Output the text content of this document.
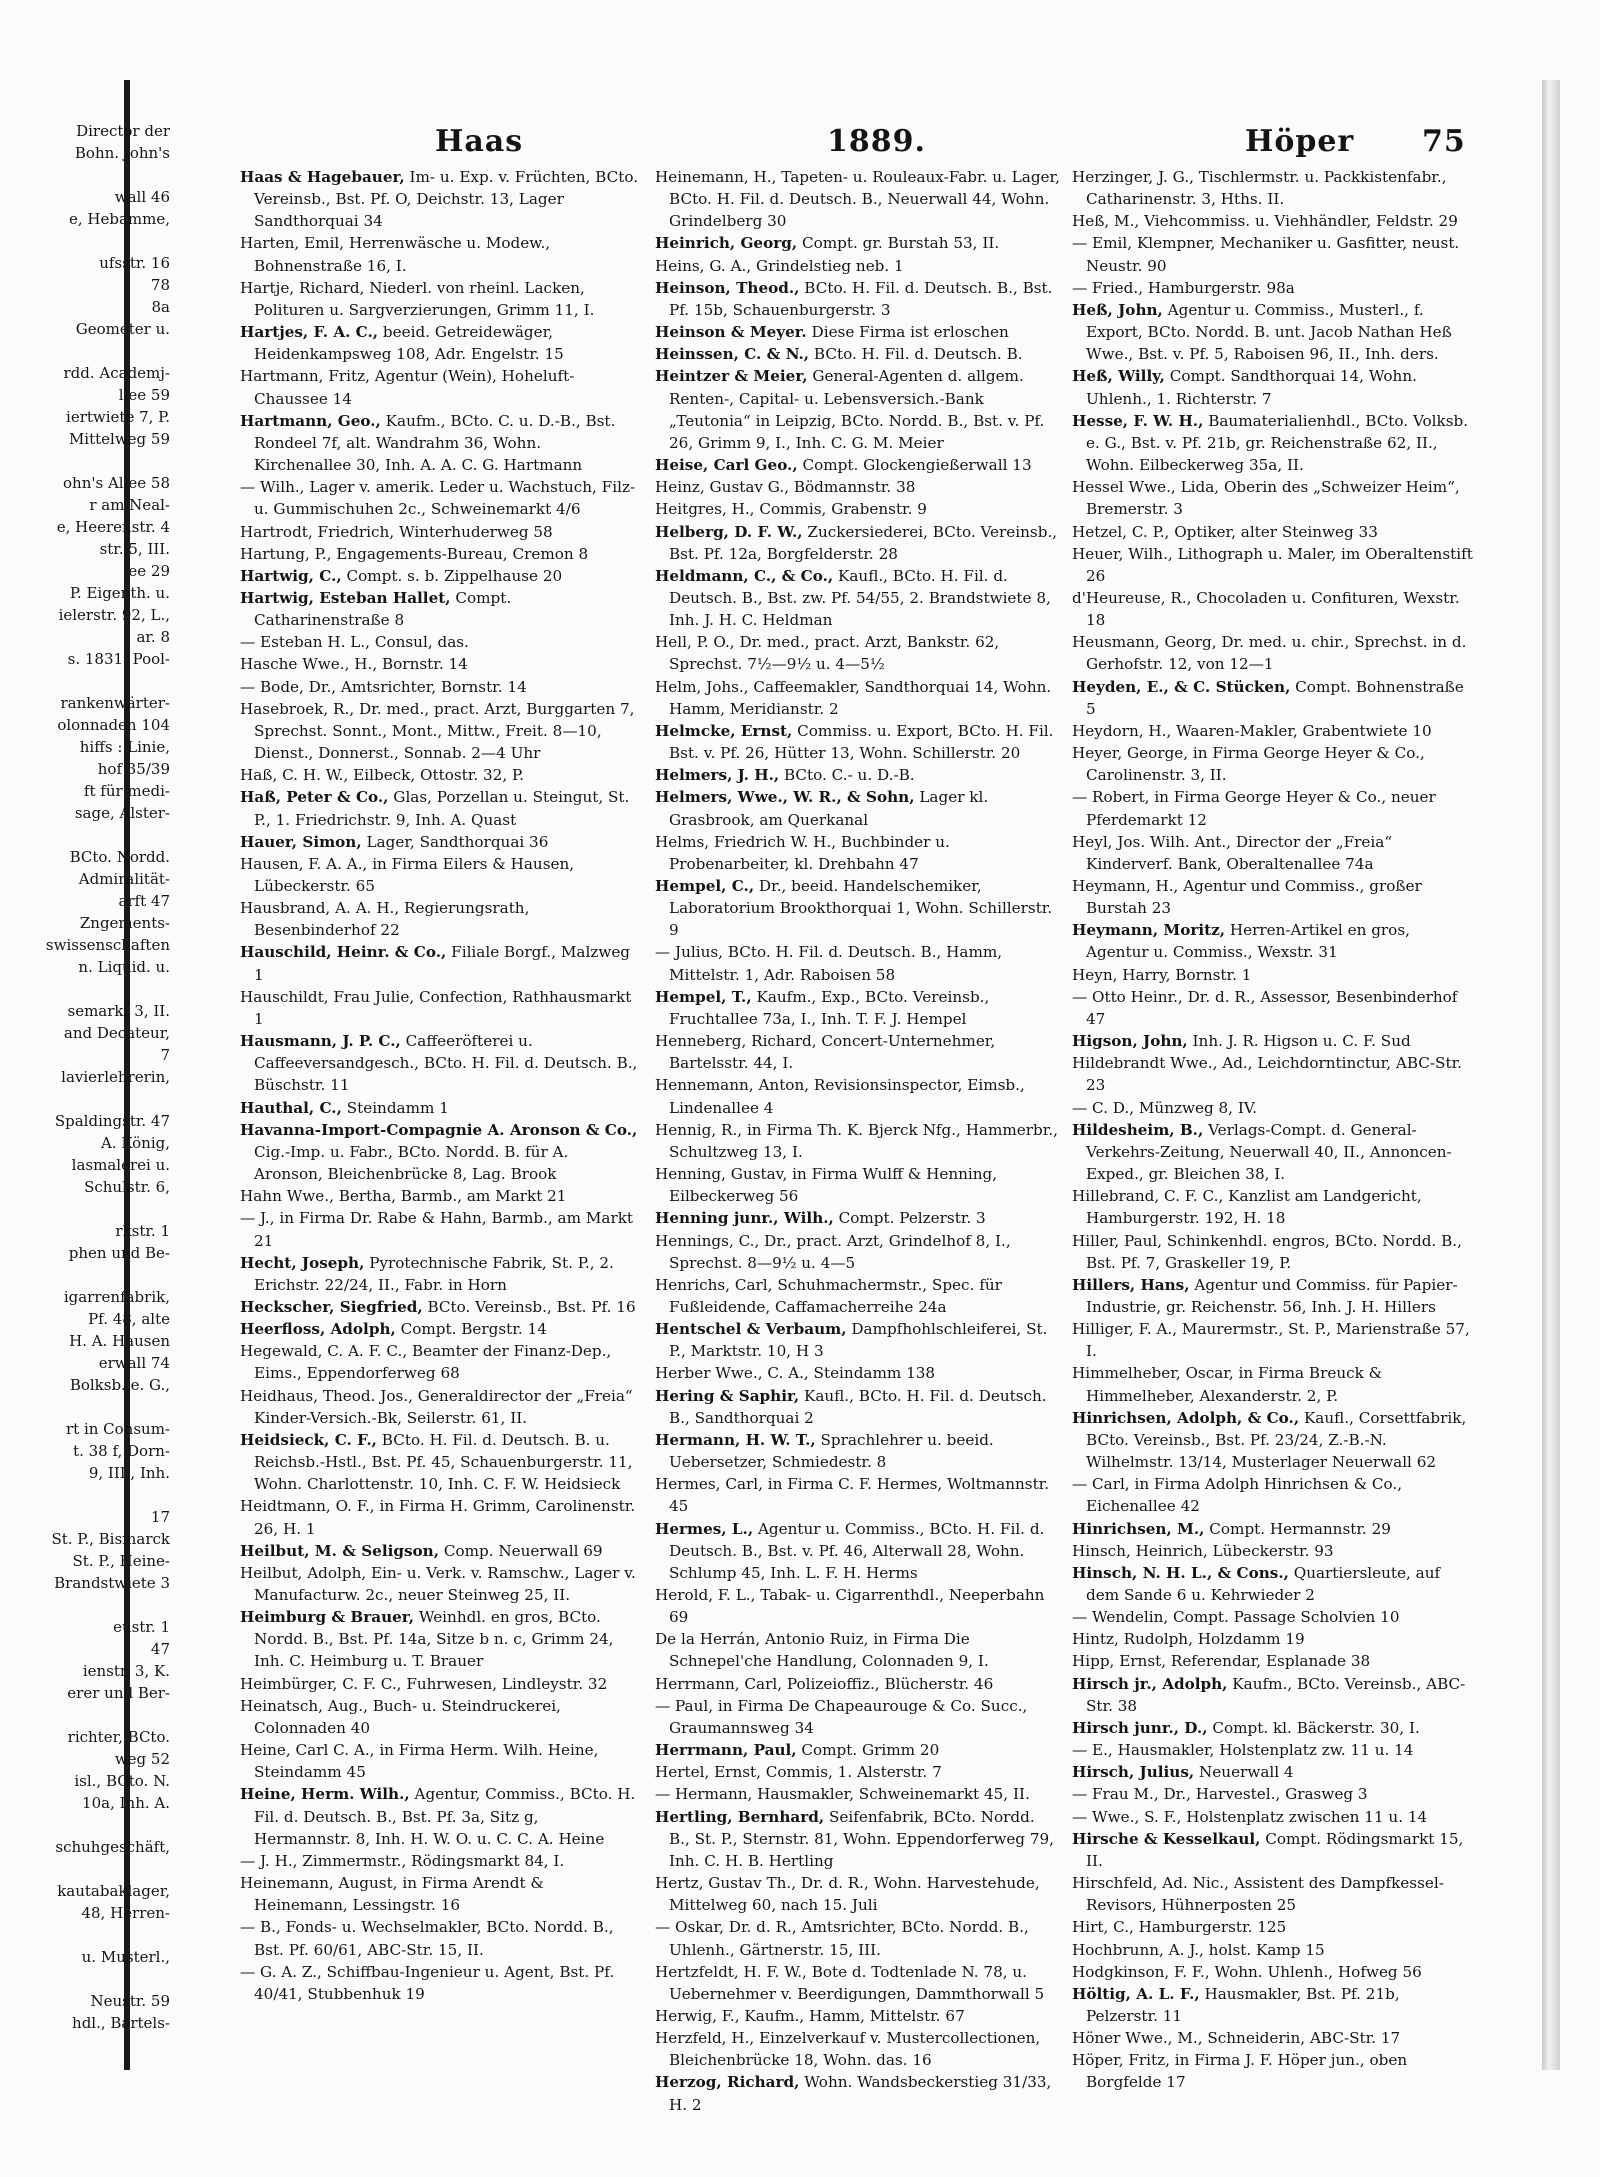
Director der
Bohn. John's
wall 46
e, Hebamme,
ufsstr. 16
78
8a
Geometer u.
rdd. Academj-
llee 59
iertwiete 7, P.
Mittelweg 59
ohn's Allee 58
r am Neal-
e, Heerenstr. 4
str. 5, III.
ee 29
P. Eigenth. u.
ielerstr. 92, L.,
ar. 8
s. 1831. Pool-
rankenwärter-
olonnaden 104
hiffs : Linie,
hof 35/39
ft für medi-
sage, Alster-
BCto. Nordd.
Admiralität-
arft 47
Zngements-
swissenschaften
n. Liquid. u.
semarkt 3, II.
and Decateur,
7
lavierlehrerin,
Spaldingstr. 47
A. König,
lasmalerei u.
Schulstr. 6,
rkstr. 1
phen und Be-
igarrenfabrik,
Pf. 48, alte
H. A. Hausen
erwall 74
Bolksb. e. G.,
rt in Consum-
t. 38 f, Dorn-
9, III., Inh.
17
St. P., Bismarck
St. P., Heine-
Brandstwiete 3
eustr. 1
47
ienstr. 3, K.
erer und Ber-
richter, BCto.
weg 52
isl., BCto. N.
10a, Inh. A.
schuhgeschäft,
kautabaklager,
48, Herren-
u. Musterl.,
Neustr. 59
hdl., Bartels-
Haas	1889.	Höper 75
Haas & Hagebauer, Im- u. Exp. v. Früchten, BCto. Vereinsb., Bst. Pf. O, Deichstr. 13, Lager Sandthorquai 34
Harten, Emil, Herrenwäsche u. Modew., Bohnenstraße 16, I.
Hartje, Richard, Niederl. von rheinl. Lacken, Polituren u. Sargverzierungen, Grimm 11, I.
Hartjes, F. A. C., beeid. Getreidewäger, Heidenkampsweg 108, Adr. Engelstr. 15
Hartmann, Fritz, Agentur (Wein), Hoheluft-Chaussee 14
Hartmann, Geo., Kaufm., BCto. C. u. D.-B., Bst. Rondeel 7f, alt. Wandrahm 36, Wohn. Kirchenallee 30, Inh. A. A. C. G. Hartmann
— Wilh., Lager v. amerik. Leder u. Wachstuch, Filz-u. Gummischuhen 2c., Schweinemarkt 4/6
Hartrodt, Friedrich, Winterhuderweg 58
Hartung, P., Engagements-Bureau, Cremon 8
Hartwig, C., Compt. s. b. Zippelhause 20
Hartwig, Esteban Hallet, Compt. Catharinenstraße 8
— Esteban H. L., Consul, das.
Hasche Wwe., H., Bornstr. 14
— Bode, Dr., Amtsrichter, Bornstr. 14
Hasebroek, R., Dr. med., pract. Arzt, Burggarten 7, Sprechst. Sonnt., Mont., Mittw., Freit. 8—10, Dienst., Donnerst., Sonnab. 2—4 Uhr
Haß, C. H. W., Eilbeck, Ottostr. 32, P.
Haß, Peter & Co., Glas, Porzellan u. Steingut, St. P., 1. Friedrichstr. 9, Inh. A. Quast
Hauer, Simon, Lager, Sandthorquai 36
Hausen, F. A. A., in Firma Eilers & Hausen, Lübeckerstr. 65
Hausbrand, A. A. H., Regierungsrath, Besenbinderhof 22
Hauschild, Heinr. & Co., Filiale Borgf., Malzweg 1
Hauschildt, Frau Julie, Confection, Rathhausmarkt 1
Hausmann, J. P. C., Caffeeröfterei u. Caffeeversandgesch., BCto. H. Fil. d. Deutsch. B., Büschstr. 11
Hauthal, C., Steindamm 1
Havanna-Import-Compagnie A. Aronson & Co., Cig.-Imp. u. Fabr., BCto. Nordd. B. für A. Aronson, Bleichenbrücke 8, Lag. Brook
Hahn Wwe., Bertha, Barmb., am Markt 21
— J., in Firma Dr. Rabe & Hahn, Barmb., am Markt 21
Hecht, Joseph, Pyrotechnische Fabrik, St. P., 2. Erichstr. 22/24, II., Fabr. in Horn
Heckscher, Siegfried, BCto. Vereinsb., Bst. Pf. 16
Heerfloss, Adolph, Compt. Bergstr. 14
Hegewald, C. A. F. C., Beamter der Finanz-Dep., Eims., Eppendorferweg 68
Heidhaus, Theod. Jos., Generaldirector der „Freia“ Kinder-Versich.-Bk, Seilerstr. 61, II.
Heidsieck, C. F., BCto. H. Fil. d. Deutsch. B. u. Reichsb.-Hstl., Bst. Pf. 45, Schauenburgerstr. 11, Wohn. Charlottenstr. 10, Inh. C. F. W. Heidsieck
Heidtmann, O. F., in Firma H. Grimm, Carolinenstr. 26, H. 1
Heilbut, M. & Seligson, Comp. Neuerwall 69
Heilbut, Adolph, Ein- u. Verk. v. Ramschw., Lager v. Manufacturw. 2c., neuer Steinweg 25, II.
Heimburg & Brauer, Weinhdl. en gros, BCto. Nordd. B., Bst. Pf. 14a, Sitze b n. c, Grimm 24, Inh. C. Heimburg u. T. Brauer
Heimbürger, C. F. C., Fuhrwesen, Lindleystr. 32
Heinatsch, Aug., Buch- u. Steindruckerei, Colonnaden 40
Heine, Carl C. A., in Firma Herm. Wilh. Heine, Steindamm 45
Heine, Herm. Wilh., Agentur, Commiss., BCto. H. Fil. d. Deutsch. B., Bst. Pf. 3a, Sitz g, Hermannstr. 8, Inh. H. W. O. u. C. C. A. Heine
— J. H., Zimmermstr., Rödingsmarkt 84, I.
Heinemann, August, in Firma Arendt & Heinemann, Lessingstr. 16
— B., Fonds- u. Wechselmakler, BCto. Nordd. B., Bst. Pf. 60/61, ABC-Str. 15, II.
— G. A. Z., Schiffbau-Ingenieur u. Agent, Bst. Pf. 40/41, Stubbenhuk 19
Heinemann, H., Tapeten- u. Rouleaux-Fabr. u. Lager, BCto. H. Fil. d. Deutsch. B., Neuerwall 44, Wohn. Grindelberg 30
Heinrich, Georg, Compt. gr. Burstah 53, II.
Heins, G. A., Grindelstieg neb. 1
Heinson, Theod., BCto. H. Fil. d. Deutsch. B., Bst. Pf. 15b, Schauenburgerstr. 3
Heinson & Meyer. Diese Firma ist erloschen
Heinssen, C. & N., BCto. H. Fil. d. Deutsch. B.
Heintzer & Meier, General-Agenten d. allgem. Renten-, Capital- u. Lebensversich.-Bank „Teutonia“ in Leipzig, BCto. Nordd. B., Bst. v. Pf. 26, Grimm 9, I., Inh. C. G. M. Meier
Heise, Carl Geo., Compt. Glockengießerwall 13
Heinz, Gustav G., Bödmannstr. 38
Heitgres, H., Commis, Grabenstr. 9
Helberg, D. F. W., Zuckersiederei, BCto. Vereinsb., Bst. Pf. 12a, Borgfelderstr. 28
Heldmann, C., & Co., Kaufl., BCto. H. Fil. d. Deutsch. B., Bst. zw. Pf. 54/55, 2. Brandstwiete 8, Inh. J. H. C. Heldman
Hell, P. O., Dr. med., pract. Arzt, Bankstr. 62, Sprechst. 7½—9½ u. 4—5½
Helm, Johs., Caffeemakler, Sandthorquai 14, Wohn. Hamm, Meridianstr. 2
Helmcke, Ernst, Commiss. u. Export, BCto. H. Fil. Bst. v. Pf. 26, Hütter 13, Wohn. Schillerstr. 20
Helmers, J. H., BCto. C.- u. D.-B.
Helmers, Wwe., W. R., & Sohn, Lager kl. Grasbrook, am Querkanal
Helms, Friedrich W. H., Buchbinder u. Probenarbeiter, kl. Drehbahn 47
Hempel, C., Dr., beeid. Handelschemiker, Laboratorium Brookthorquai 1, Wohn. Schillerstr. 9
— Julius, BCto. H. Fil. d. Deutsch. B., Hamm, Mittelstr. 1, Adr. Raboisen 58
Hempel, T., Kaufm., Exp., BCto. Vereinsb., Fruchtallee 73a, I., Inh. T. F. J. Hempel
Henneberg, Richard, Concert-Unternehmer, Bartelsstr. 44, I.
Hennemann, Anton, Revisionsinspector, Eimsb., Lindenallee 4
Hennig, R., in Firma Th. K. Bjerck Nfg., Hammerbr., Schultzweg 13, I.
Henning, Gustav, in Firma Wulff & Henning, Eilbeckerweg 56
Henning junr., Wilh., Compt. Pelzerstr. 3
Hennings, C., Dr., pract. Arzt, Grindelhof 8, I., Sprechst. 8—9½ u. 4—5
Henrichs, Carl, Schuhmachermstr., Spec. für Fußleidende, Caffamacherreihe 24a
Hentschel & Verbaum, Dampfhohlschleiferei, St. P., Marktstr. 10, H 3
Herber Wwe., C. A., Steindamm 138
Hering & Saphir, Kaufl., BCto. H. Fil. d. Deutsch. B., Sandthorquai 2
Hermann, H. W. T., Sprachlehrer u. beeid. Uebersetzer, Schmiedestr. 8
Hermes, Carl, in Firma C. F. Hermes, Woltmannstr. 45
Hermes, L., Agentur u. Commiss., BCto. H. Fil. d. Deutsch. B., Bst. v. Pf. 46, Alterwall 28, Wohn. Schlump 45, Inh. L. F. H. Herms
Herold, F. L., Tabak- u. Cigarrenthdl., Neeperbahn 69
De la Herrán, Antonio Ruiz, in Firma Die Schnepel'che Handlung, Colonnaden 9, I.
Herrmann, Carl, Polizeioffiz., Blücherstr. 46
— Paul, in Firma De Chapeaurouge & Co. Succ., Graumannsweg 34
Herrmann, Paul, Compt. Grimm 20
Hertel, Ernst, Commis, 1. Alsterstr. 7
— Hermann, Hausmakler, Schweinemarkt 45, II.
Hertling, Bernhard, Seifenfabrik, BCto. Nordd. B., St. P., Sternstr. 81, Wohn. Eppendorferweg 79, Inh. C. H. B. Hertling
Hertz, Gustav Th., Dr. d. R., Wohn. Harvestehude, Mittelweg 60, nach 15. Juli
— Oskar, Dr. d. R., Amtsrichter, BCto. Nordd. B., Uhlenh., Gärtnerstr. 15, III.
Hertzfeldt, H. F. W., Bote d. Todtenlade N. 78, u. Uebernehmer v. Beerdigungen, Dammthorwall 5
Herwig, F., Kaufm., Hamm, Mittelstr. 67
Herzfeld, H., Einzelverkauf v. Mustercollectionen, Bleichenbrücke 18, Wohn. das. 16
Herzog, Richard, Wohn. Wandsbeckerstieg 31/33, H. 2
Herzinger, J. G., Tischlermstr. u. Packkistenfabr., Catharinenstr. 3, Hths. II.
Heß, M., Viehcommiss. u. Viehhändler, Feldstr. 29
— Emil, Klempner, Mechaniker u. Gasfitter, neust. Neustr. 90
— Fried., Hamburgerstr. 98a
Heß, John, Agentur u. Commiss., Musterl., f. Export, BCto. Nordd. B. unt. Jacob Nathan Heß Wwe., Bst. v. Pf. 5, Raboisen 96, II., Inh. ders.
Heß, Willy, Compt. Sandthorquai 14, Wohn. Uhlenh., 1. Richterstr. 7
Hesse, F. W. H., Baumaterialienhdl., BCto. Volksb. e. G., Bst. v. Pf. 21b, gr. Reichenstraße 62, II., Wohn. Eilbeckerweg 35a, II.
Hessel Wwe., Lida, Oberin des „Schweizer Heim“, Bremerstr. 3
Hetzel, C. P., Optiker, alter Steinweg 33
Heuer, Wilh., Lithograph u. Maler, im Oberaltenstift 26
d'Heureuse, R., Chocoladen u. Confituren, Wexstr. 18
Heusmann, Georg, Dr. med. u. chir., Sprechst. in d. Gerhofstr. 12, von 12—1
Heyden, E., & C. Stücken, Compt. Bohnenstraße 5
Heydorn, H., Waaren-Makler, Grabentwiete 10
Heyer, George, in Firma George Heyer & Co., Carolinenstr. 3, II.
— Robert, in Firma George Heyer & Co., neuer Pferdemarkt 12
Heyl, Jos. Wilh. Ant., Director der „Freia“ Kinderverf. Bank, Oberaltenallee 74a
Heymann, H., Agentur und Commiss., großer Burstah 23
Heymann, Moritz, Herren-Artikel en gros, Agentur u. Commiss., Wexstr. 31
Heyn, Harry, Bornstr. 1
— Otto Heinr., Dr. d. R., Assessor, Besenbinderhof 47
Higson, John, Inh. J. R. Higson u. C. F. Sud
Hildebrandt Wwe., Ad., Leichdorntinctur, ABC-Str. 23
— C. D., Münzweg 8, IV.
Hildesheim, B., Verlags-Compt. d. General-Verkehrs-Zeitung, Neuerwall 40, II., Annoncen-Exped., gr. Bleichen 38, I.
Hillebrand, C. F. C., Kanzlist am Landgericht, Hamburgerstr. 192, H. 18
Hiller, Paul, Schinkenhdl. engros, BCto. Nordd. B., Bst. Pf. 7, Graskeller 19, P.
Hillers, Hans, Agentur und Commiss. für Papier-Industrie, gr. Reichenstr. 56, Inh. J. H. Hillers
Hilliger, F. A., Maurermstr., St. P., Marienstraße 57, I.
Himmelheber, Oscar, in Firma Breuck & Himmelheber, Alexanderstr. 2, P.
Hinrichsen, Adolph, & Co., Kaufl., Corsettfabrik, BCto. Vereinsb., Bst. Pf. 23/24, Z.-B.-N. Wilhelmstr. 13/14, Musterlager Neuerwall 62
— Carl, in Firma Adolph Hinrichsen & Co., Eichenallee 42
Hinrichsen, M., Compt. Hermannstr. 29
Hinsch, Heinrich, Lübeckerstr. 93
Hinsch, N. H. L., & Cons., Quartiersleute, auf dem Sande 6 u. Kehrwieder 2
— Wendelin, Compt. Passage Scholvien 10
Hintz, Rudolph, Holzdamm 19
Hipp, Ernst, Referendar, Esplanade 38
Hirsch jr., Adolph, Kaufm., BCto. Vereinsb., ABC-Str. 38
Hirsch junr., D., Compt. kl. Bäckerstr. 30, I.
— E., Hausmakler, Holstenplatz zw. 11 u. 14
Hirsch, Julius, Neuerwall 4
— Frau M., Dr., Harvestel., Grasweg 3
— Wwe., S. F., Holstenplatz zwischen 11 u. 14
Hirsche & Kesselkaul, Compt. Rödingsmarkt 15, II.
Hirschfeld, Ad. Nic., Assistent des Dampfkessel-Revisors, Hühnerposten 25
Hirt, C., Hamburgerstr. 125
Hochbrunn, A. J., holst. Kamp 15
Hodgkinson, F. F., Wohn. Uhlenh., Hofweg 56
Höltig, A. L. F., Hausmakler, Bst. Pf. 21b, Pelzerstr. 11
Höner Wwe., M., Schneiderin, ABC-Str. 17
Höper, Fritz, in Firma J. F. Höper jun., oben Borgfelde 17
